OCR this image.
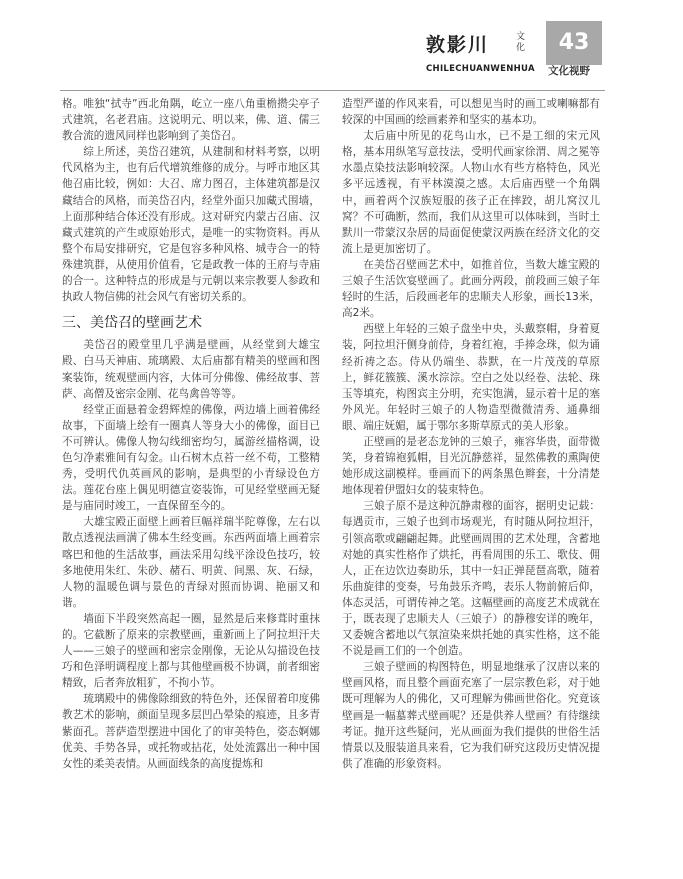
敦影川	文化
CHILECHUANWENHUA
43
文化视野

格。唯独“拭寺”西北角隅，屹立一座八角重檐攒尖亭子式建筑，名老君庙。这说明元、明以来，佛、道、儒三教合流的遗风同样也影响到了美岱召。

综上所述，美岱召建筑，从建制和材料考察，以明代风格为主，也有后代增筑维修的成分。与呼市地区其他召庙比较，例如：大召、席力图召，主体建筑都是汉藏结合的风格，而美岱召内，经堂外面只加藏式围墙，上面那种结合体还没有形成。这对研究内蒙古召庙、汉藏式建筑的产生或原始形式，是唯一的实物资料。再从整个布局安排研究，它是包容多种风格、城寺合一的特殊建筑群，从使用价值看，它是政教一体的王府与寺庙的合一。这种特点的形成是与元朝以来宗教要人参政和执政人物信佛的社会风气有密切关系的。

三、美岱召的壁画艺术

美岱召的殿堂里几乎满是壁画，从经堂到大雄宝殿、白马天神庙、琉璃殿、太后庙都有精美的壁画和图案装饰，统观壁画内容，大体可分佛像、佛经故事、菩萨、高僧及密宗金刚、花鸟禽兽等等。

经堂正面悬着金碧辉煌的佛像，两边墙上画着佛经故事，下面墙上绘有一圈真人等身大小的佛像，面目已不可辨认。佛像人物勾线细密均匀，属游丝描格调，设色匀净素雅间有勾金。山石树木点苔一丝不苟，工整精秀，受明代仇英画风的影响，是典型的小青绿设色方法。莲花台座上偶见明德宣姿装饰，可见经堂壁画无疑是与庙同时竣工，一直保留至今的。

大雄宝殿正面壁上画着巨幅祥瑞半陀尊像，左右以散点透视法画满了佛本生经变画。东西两面墙上画着宗喀巴和他的生活故事，画法采用勾线平涂设色技巧，较多地使用朱红、朱砂、赭石、明黄、间黑、灰、石绿，人物的温暖色调与景色的青绿对照而协调、艳丽又和谐。

墙面下半段突然高起一圈，显然是后来修葺时重抹的。它截断了原来的宗教壁画，重新画上了阿拉坦汗夫人——三娘子的壁画和密宗金刚像，无论从勾描设色技巧和色泽明调程度上都与其他壁画极不协调，前者细密精致，后者奔放粗犷，不拘小节。

琉璃殿中的佛像除细致的特色外，还保留着印度佛教艺术的影响，颜面呈现多层凹凸晕染的痕迹，且多青紫面孔。菩萨造型摆进中国化了的审美特色，姿态婀娜优美、手势各异，或托物或拈花，处处流露出一种中国女性的柔美表情。从画面线条的高度提炼和

造型严谨的作风来看，可以想见当时的画工或喇嘛都有较深的中国画的绘画素养和坚实的基本功。

太后庙中所见的花鸟山水，已不是工细的宋元风格，基本用纵笔写意技法，受明代画家徐渭、周之冕等水墨点染技法影响较深。人物山水有些方格特色，风光多平远透视，有平林漠漠之感。太后庙西壁一个角隅中，画着两个汉族短服的孩子正在摔跤，胡儿窝汉儿窝？不可确断，然而，我们从这里可以体味到，当时土默川一带蒙汉杂居的局面促使蒙汉两族在经济文化的交流上是更加密切了。

在美岱召壁画艺术中，如推首位，当数大雄宝殿的三娘子生活饮宴壁画了。此画分两段，前段画三娘子年轻时的生活，后段画老年的忠顺夫人形象，画长13米，高2米。

西壁上年轻的三娘子盘坐中央，头戴察帽，身着夏装，阿拉坦汗侧身前侍，身着红袍，手捧念珠，似为诵经祈祷之态。侍从仍端坐、恭默，在一片茂茂的草原上，鲜花簇簇、溪水淙淙。空白之处以经卷、法轮、珠玉等填充，构图宾主分明，充实饱满，显示着十足的塞外风光。年轻时三娘子的人物造型微微清秀、通鼻细眼、端庄妩媚，属于鄂尔多斯草原式的美人形象。

正壁画的是老态龙钟的三娘子，雍容华贵，面带微笑，身着锦袍狐帽，目光沉静慈祥，显然佛教的熏陶使她形成这副模样。垂画而下的两条黑色辫套，十分清楚地体现着伊盟妇女的装束特色。

三娘子原不是这种沉静肃穆的面容，据明史记载：每遇贡市，三娘子也到市场观光，有时随从阿拉坦汗，引领高歌或翩翩起舞。此壁画周围的艺术处理，含蓄地对她的真实性格作了烘托，再看周围的乐工、歌伎、佣人，正在边饮边奏助乐，其中一妇正弹琵琶高歌，随着乐曲旋律的变奏，号角鼓乐齐鸣，表乐人物前俯后仰，体态灵活，可谓传神之笔。这幅壁画的高度艺术成就在于，既表现了忠顺夫人（三娘子）的静穆安详的晚年，又委婉含蓄地以气氛渲染来烘托她的真实性格，这不能不说是画工们的一个创造。

三娘子壁画的构图特色，明显地继承了汉唐以来的壁画风格，而且整个画面充塞了一层宗教色彩，对于她既可理解为人的佛化，又可理解为佛画世俗化。究竟该壁画是一幅墓葬式壁画呢？还是供养人壁画？有待继续考证。抛开这些疑问，光从画面为我们提供的世俗生活情景以及服装道具来看，它为我们研究这段历史情况提供了准确的形象资料。
